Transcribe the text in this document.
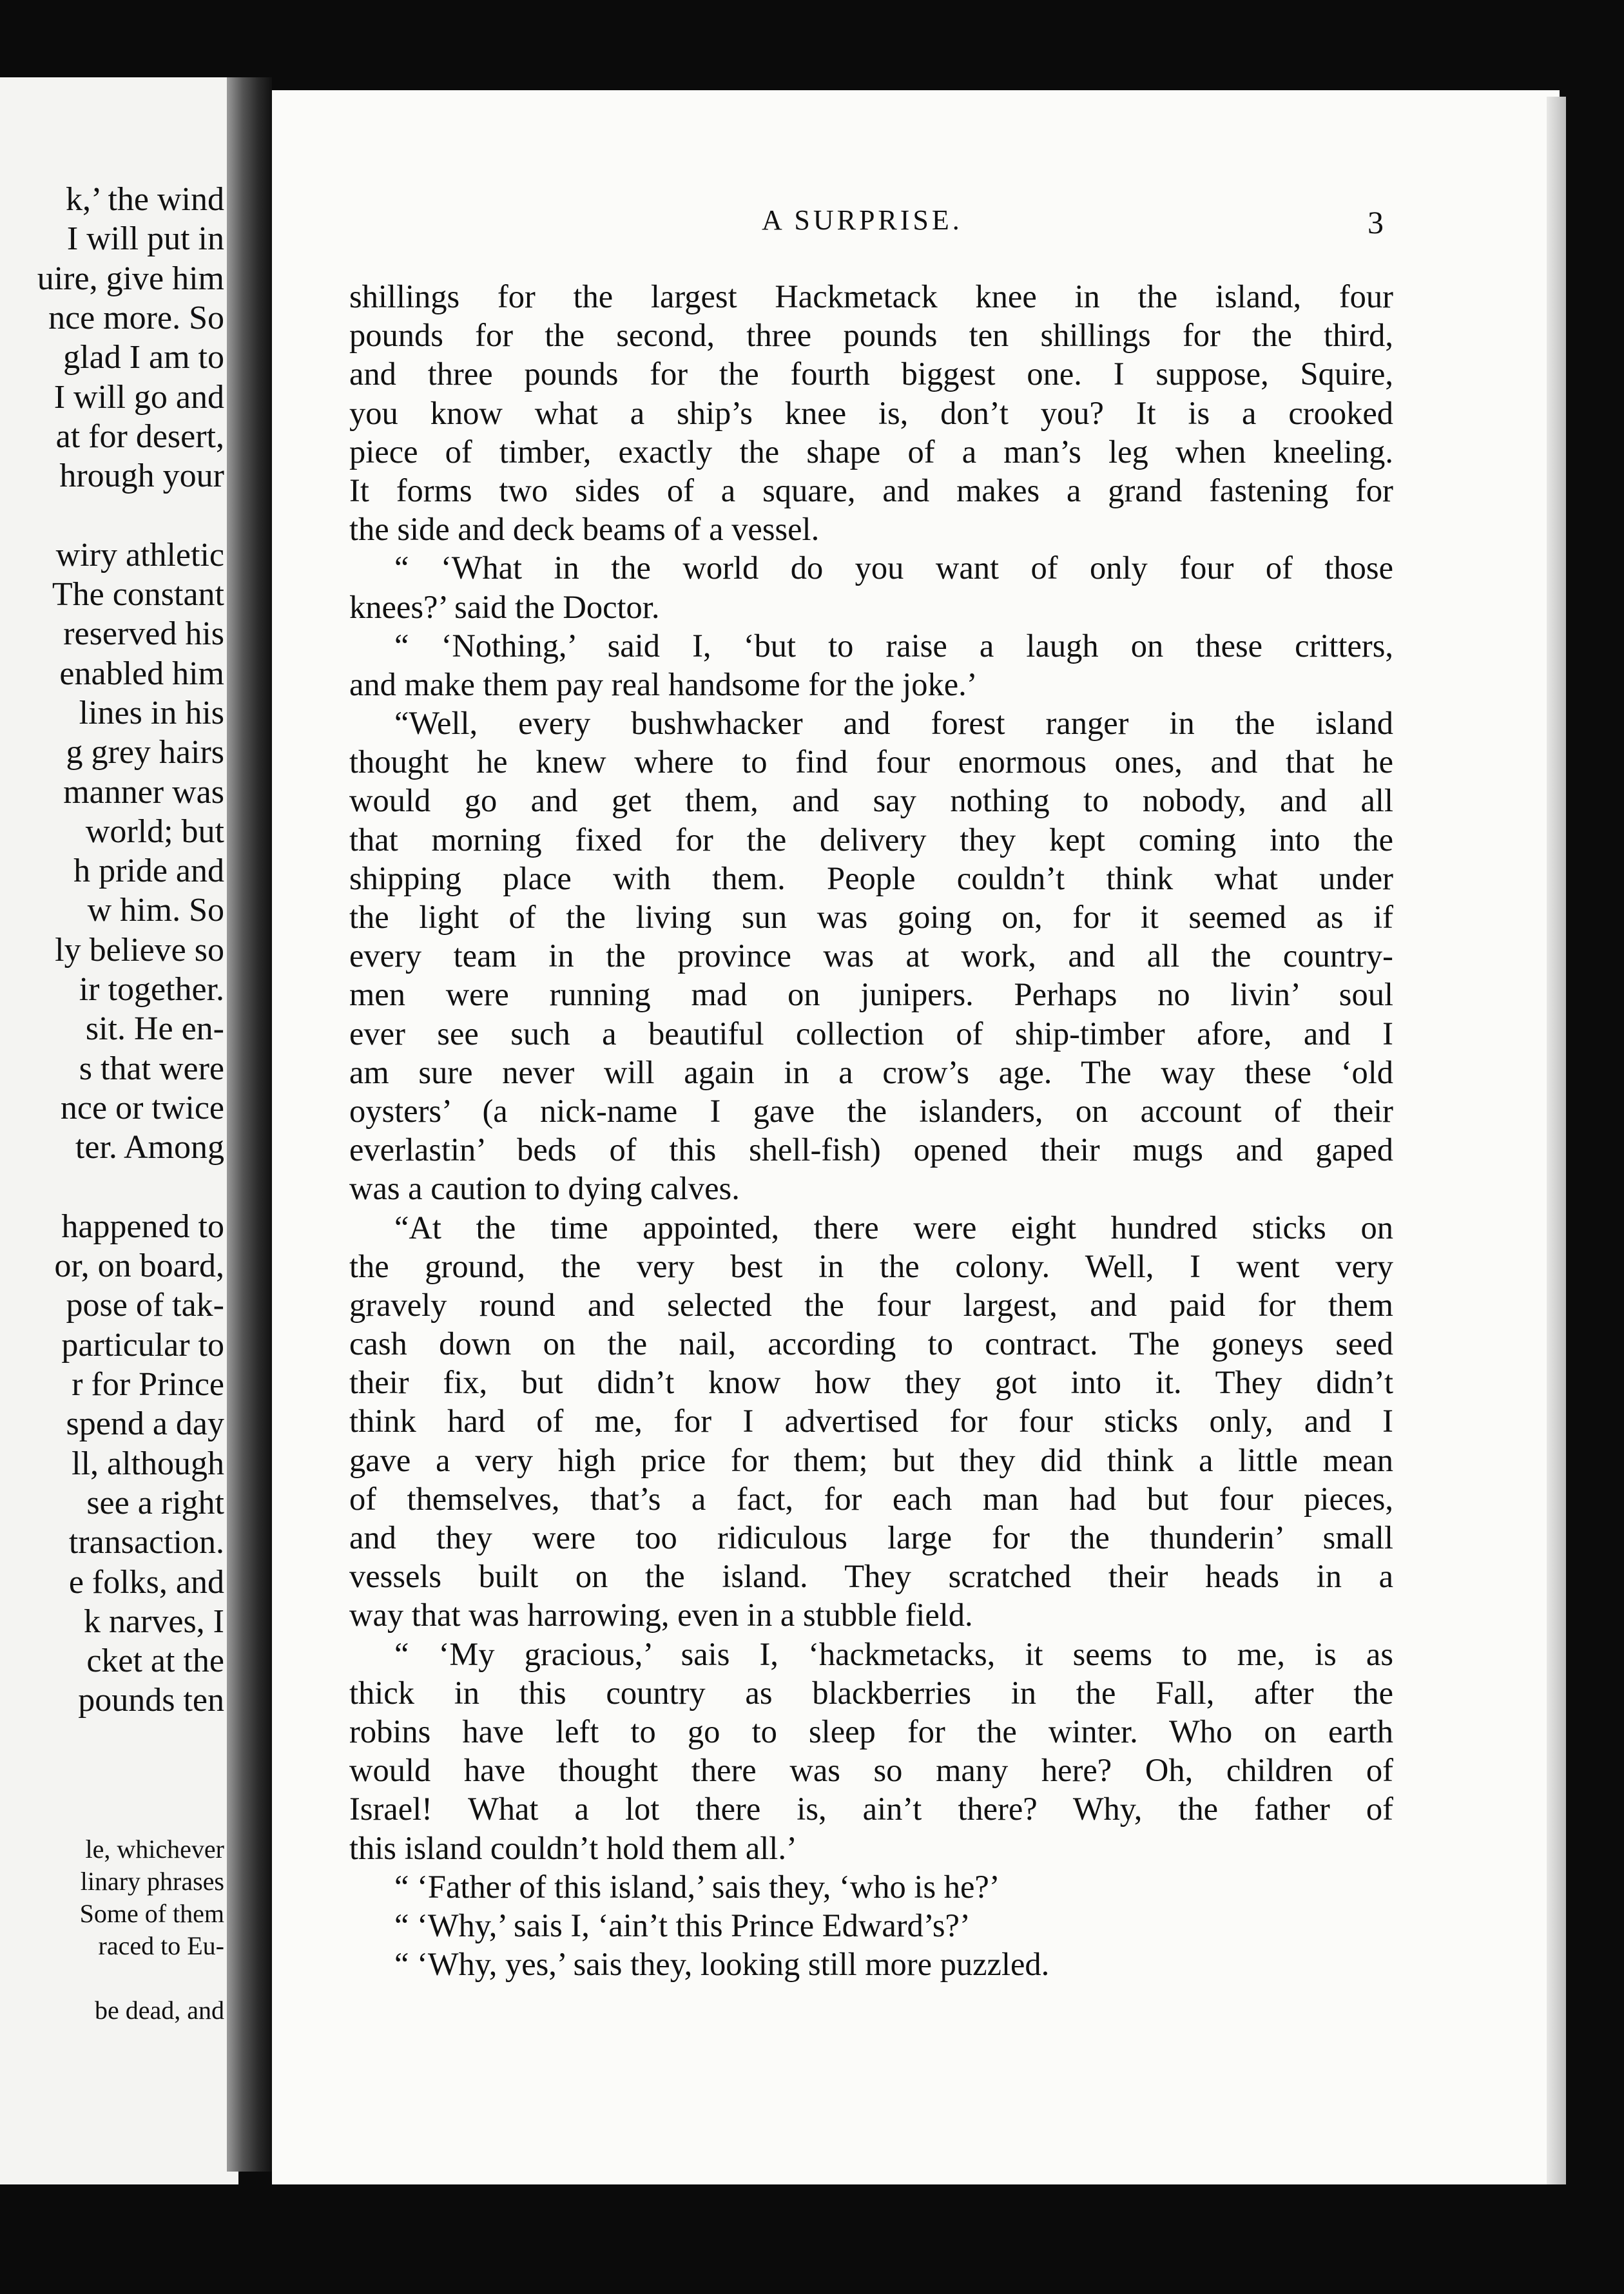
k,’ the wind
I will put in
uire, give him
nce more. So
glad I am to
I will go and
at for desert,
hrough your
wiry athletic
The constant
reserved his
enabled him
lines in his
g grey hairs
manner was
world; but
h pride and
w him. So
ly believe so
ir together.
sit. He en-
s that were
nce or twice
ter. Among
happened to
or, on board,
pose of tak-
particular to
r for Prince
spend a day
ll, although
see a right
transaction.
e folks, and
k narves, I
cket at the
pounds ten
le, whichever
linary phrases
Some of them
raced to Eu-
be dead, and
A SURPRISE.	3
shillings for the largest Hackmetack knee in the island, four
pounds for the second, three pounds ten shillings for the third,
and three pounds for the fourth biggest one. I suppose, Squire,
you know what a ship’s knee is, don’t you? It is a crooked
piece of timber, exactly the shape of a man’s leg when kneeling.
It forms two sides of a square, and makes a grand fastening for
the side and deck beams of a vessel.
“ ‘What in the world do you want of only four of those
knees?’ said the Doctor.
“ ‘Nothing,’ said I, ‘but to raise a laugh on these critters,
and make them pay real handsome for the joke.’
“Well, every bushwhacker and forest ranger in the island
thought he knew where to find four enormous ones, and that he
would go and get them, and say nothing to nobody, and all
that morning fixed for the delivery they kept coming into the
shipping place with them. People couldn’t think what under
the light of the living sun was going on, for it seemed as if
every team in the province was at work, and all the country-
men were running mad on junipers. Perhaps no livin’ soul
ever see such a beautiful collection of ship-timber afore, and I
am sure never will again in a crow’s age. The way these ‘old
oysters’ (a nick-name I gave the islanders, on account of their
everlastin’ beds of this shell-fish) opened their mugs and gaped
was a caution to dying calves.
“At the time appointed, there were eight hundred sticks on
the ground, the very best in the colony. Well, I went very
gravely round and selected the four largest, and paid for them
cash down on the nail, according to contract. The goneys seed
their fix, but didn’t know how they got into it. They didn’t
think hard of me, for I advertised for four sticks only, and I
gave a very high price for them; but they did think a little mean
of themselves, that’s a fact, for each man had but four pieces,
and they were too ridiculous large for the thunderin’ small
vessels built on the island. They scratched their heads in a
way that was harrowing, even in a stubble field.
“ ‘My gracious,’ sais I, ‘hackmetacks, it seems to me, is as
thick in this country as blackberries in the Fall, after the
robins have left to go to sleep for the winter. Who on earth
would have thought there was so many here? Oh, children of
Israel! What a lot there is, ain’t there? Why, the father of
this island couldn’t hold them all.’
“ ‘Father of this island,’ sais they, ‘who is he?’
“ ‘Why,’ sais I, ‘ain’t this Prince Edward’s?’
“ ‘Why, yes,’ sais they, looking still more puzzled.
